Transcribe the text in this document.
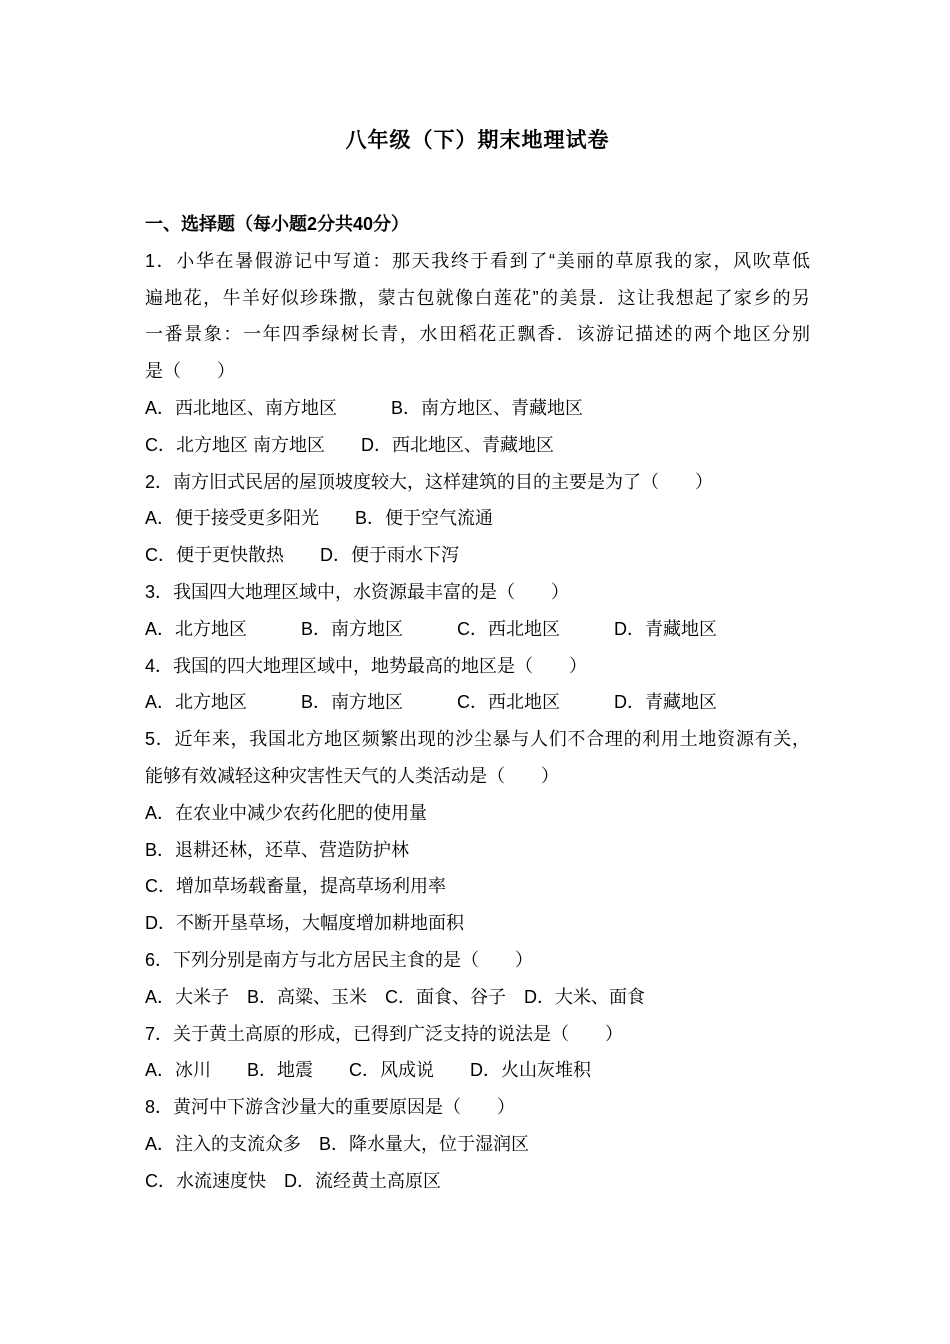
八年级（下）期末地理试卷
一、选择题（每小题2分共40分）

1．小华在暑假游记中写道：那天我终于看到了“美丽的草原我的家，风吹草低

遍地花，牛羊好似珍珠撒，蒙古包就像白莲花”的美景．这让我想起了家乡的另

一番景象：一年四季绿树长青，水田稻花正飘香．该游记描述的两个地区分别

是（　　）

A．西北地区、南方地区　　　B．南方地区、青藏地区

C．北方地区 南方地区　　D．西北地区、青藏地区

2．南方旧式民居的屋顶坡度较大，这样建筑的目的主要是为了（　　）

A．便于接受更多阳光　　B．便于空气流通

C．便于更快散热　　D．便于雨水下泻

3．我国四大地理区域中，水资源最丰富的是（　　）

A．北方地区　　　B．南方地区　　　C．西北地区　　　D．青藏地区

4．我国的四大地理区域中，地势最高的地区是（　　）

A．北方地区　　　B．南方地区　　　C．西北地区　　　D．青藏地区

5．近年来，我国北方地区频繁出现的沙尘暴与人们不合理的利用土地资源有关，

能够有效减轻这种灾害性天气的人类活动是（　　）

A．在农业中减少农药化肥的使用量

B．退耕还林，还草、营造防护林

C．增加草场载畜量，提高草场利用率

D．不断开垦草场，大幅度增加耕地面积

6．下列分别是南方与北方居民主食的是（　　）

A．大米子　B．高粱、玉米　C．面食、谷子　D．大米、面食

7．关于黄土高原的形成，已得到广泛支持的说法是（　　）

A．冰川　　B．地震　　C．风成说　　D．火山灰堆积

8．黄河中下游含沙量大的重要原因是（　　）

A．注入的支流众多　B．降水量大，位于湿润区

C．水流速度快　D．流经黄土高原区
